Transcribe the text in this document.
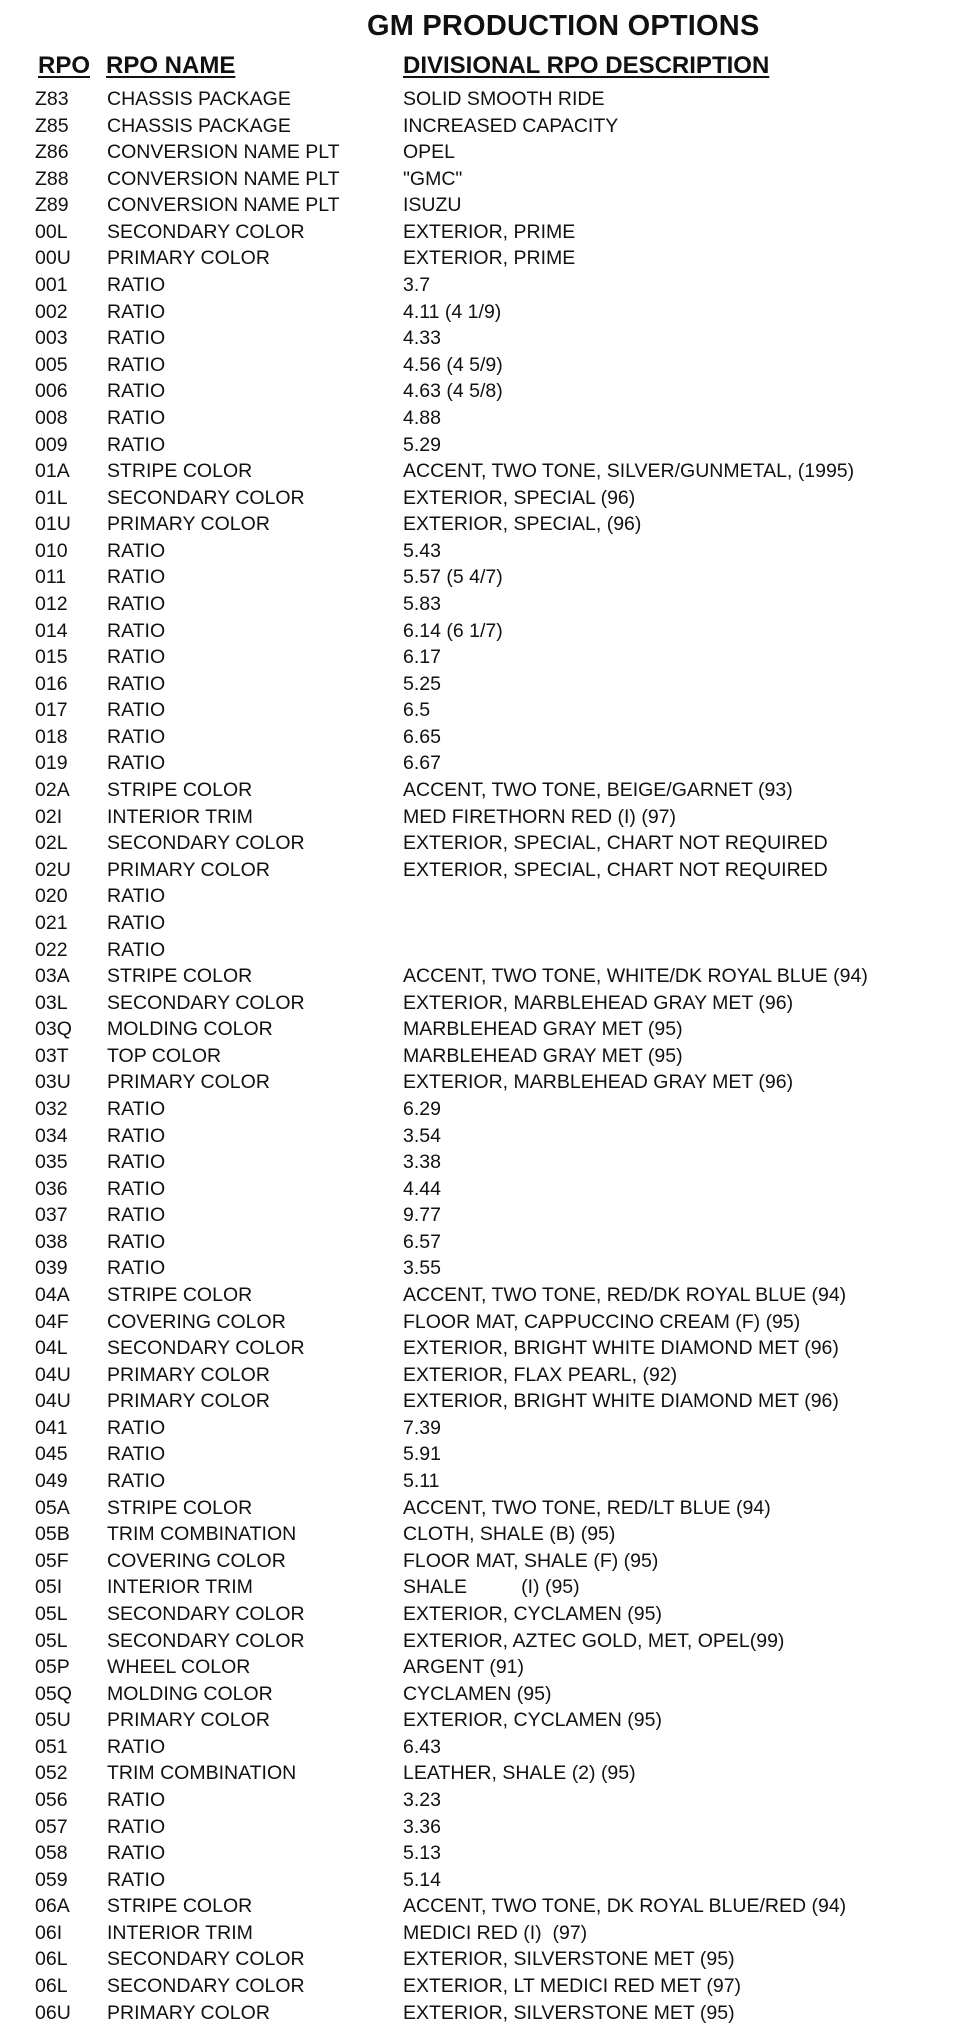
GM PRODUCTION OPTIONS
RPO RPO NAME	DIVISIONAL RPO DESCRIPTION
Z83 CHASSIS PACKAGE	SOLID SMOOTH RIDE
Z85 CHASSIS PACKAGE	INCREASED CAPACITY
Z86 CONVERSION NAME PLT	OPEL
Z88 CONVERSION NAME PLT	"GMC"
Z89 CONVERSION NAME PLT	ISUZU
00L SECONDARY COLOR	EXTERIOR, PRIME
00U PRIMARY COLOR	EXTERIOR, PRIME
001 RATIO	3.7
002 RATIO	4.11 (4 1/9)
003 RATIO	4.33
005 RATIO	4.56 (4 5/9)
006 RATIO	4.63 (4 5/8)
008 RATIO	4.88
009 RATIO	5.29
01A STRIPE COLOR	ACCENT, TWO TONE, SILVER/GUNMETAL, (1995)
01L SECONDARY COLOR	EXTERIOR, SPECIAL (96)
01U PRIMARY COLOR	EXTERIOR, SPECIAL, (96)
010 RATIO	5.43
011 RATIO	5.57 (5 4/7)
012 RATIO	5.83
014 RATIO	6.14 (6 1/7)
015 RATIO	6.17
016 RATIO	5.25
017 RATIO	6.5
018 RATIO	6.65
019 RATIO	6.67
02A STRIPE COLOR	ACCENT, TWO TONE, BEIGE/GARNET (93)
02I INTERIOR TRIM	MED FIRETHORN RED (I) (97)
02L SECONDARY COLOR	EXTERIOR, SPECIAL, CHART NOT REQUIRED
02U PRIMARY COLOR	EXTERIOR, SPECIAL, CHART NOT REQUIRED
020 RATIO
021 RATIO
022 RATIO
03A STRIPE COLOR	ACCENT, TWO TONE, WHITE/DK ROYAL BLUE (94)
03L SECONDARY COLOR	EXTERIOR, MARBLEHEAD GRAY MET (96)
03Q MOLDING COLOR	MARBLEHEAD GRAY MET (95)
03T TOP COLOR	MARBLEHEAD GRAY MET (95)
03U PRIMARY COLOR	EXTERIOR, MARBLEHEAD GRAY MET (96)
032 RATIO	6.29
034 RATIO	3.54
035 RATIO	3.38
036 RATIO	4.44
037 RATIO	9.77
038 RATIO	6.57
039 RATIO	3.55
04A STRIPE COLOR	ACCENT, TWO TONE, RED/DK ROYAL BLUE (94)
04F COVERING COLOR	FLOOR MAT, CAPPUCCINO CREAM (F) (95)
04L SECONDARY COLOR	EXTERIOR, BRIGHT WHITE DIAMOND MET (96)
04U PRIMARY COLOR	EXTERIOR, FLAX PEARL, (92)
04U PRIMARY COLOR	EXTERIOR, BRIGHT WHITE DIAMOND MET (96)
041 RATIO	7.39
045 RATIO	5.91
049 RATIO	5.11
05A STRIPE COLOR	ACCENT, TWO TONE, RED/LT BLUE (94)
05B TRIM COMBINATION	CLOTH, SHALE (B) (95)
05F COVERING COLOR	FLOOR MAT, SHALE (F) (95)
05I INTERIOR TRIM	SHALE          (I) (95)
05L SECONDARY COLOR	EXTERIOR, CYCLAMEN (95)
05L SECONDARY COLOR	EXTERIOR, AZTEC GOLD, MET, OPEL(99)
05P WHEEL COLOR	ARGENT (91)
05Q MOLDING COLOR	CYCLAMEN (95)
05U PRIMARY COLOR	EXTERIOR, CYCLAMEN (95)
051 RATIO	6.43
052 TRIM COMBINATION	LEATHER, SHALE (2) (95)
056 RATIO	3.23
057 RATIO	3.36
058 RATIO	5.13
059 RATIO	5.14
06A STRIPE COLOR	ACCENT, TWO TONE, DK ROYAL BLUE/RED (94)
06I INTERIOR TRIM	MEDICI RED (I)  (97)
06L SECONDARY COLOR	EXTERIOR, SILVERSTONE MET (95)
06L SECONDARY COLOR	EXTERIOR, LT MEDICI RED MET (97)
06U PRIMARY COLOR	EXTERIOR, SILVERSTONE MET (95)
